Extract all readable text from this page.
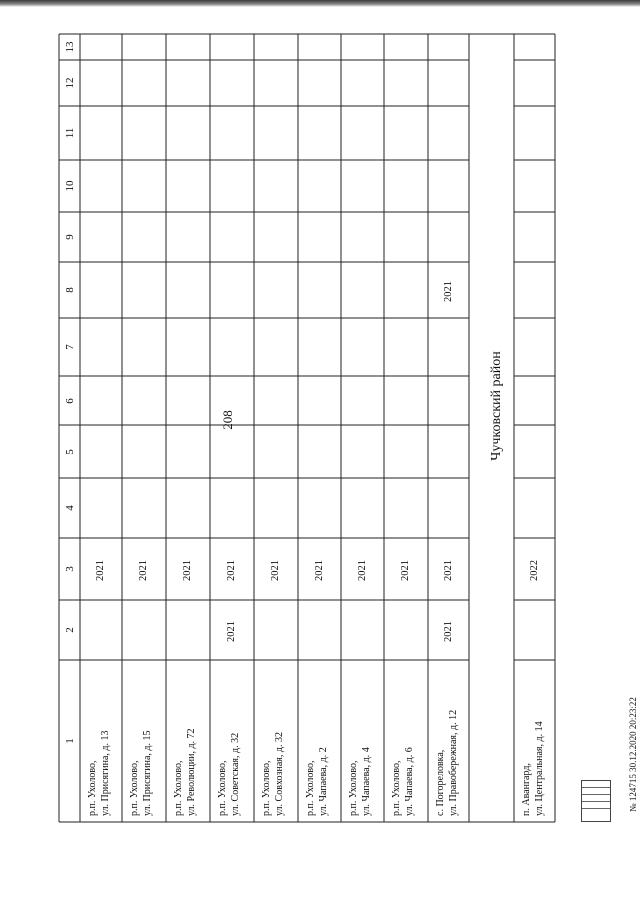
208
1
2
3
4
5
6
7
8
9
10
11
12
13
р.п. Ухолово, ул. Присягина, д. 13
2021
р.п. Ухолово, ул. Присягина, д. 15
2021
р.п. Ухолово, ул. Революции, д. 72
2021
р.п. Ухолово, ул. Советская, д. 32
2021
2021
р.п. Ухолово, ул. Совхозная, д. 32
2021
р.п. Ухолово, ул. Чапаева, д. 2
2021
р.п. Ухолово, ул. Чапаева, д. 4
2021
р.п. Ухолово, ул. Чапаева, д. 6
2021
с. Погореловка, ул. Правобережная, д. 12
2021
2021
2021
п. Авангард, ул. Центральная, д. 14
2022
Чучковский район
№ 124715 30.12.2020 20:23:22
